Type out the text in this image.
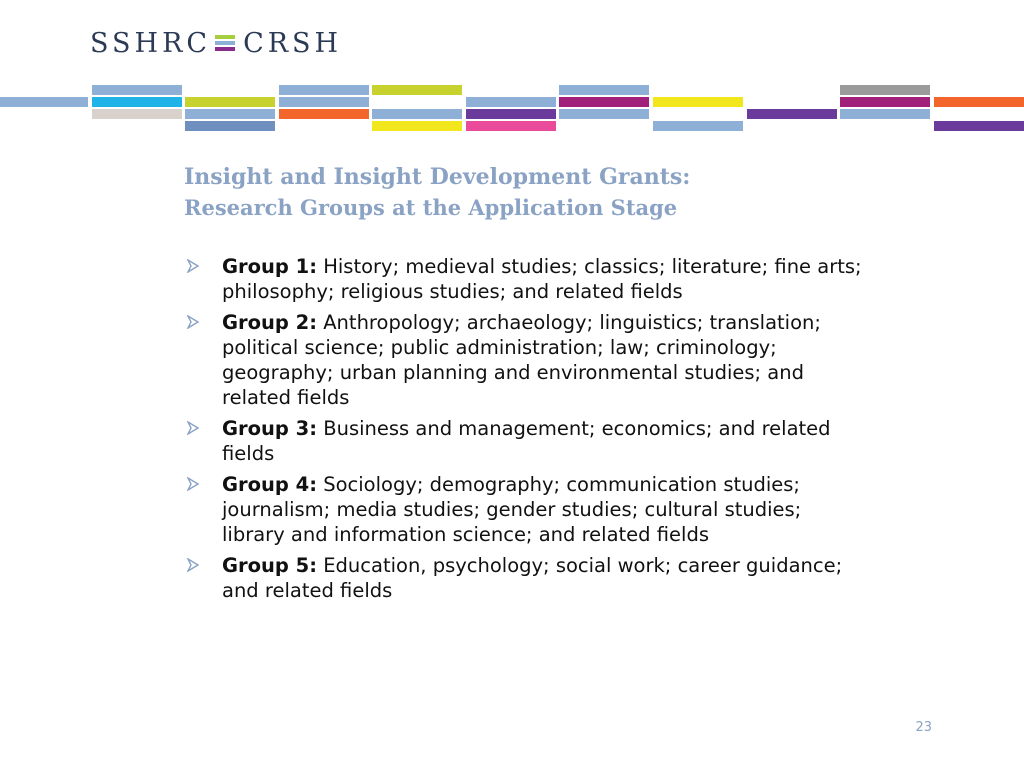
SSHRC CRSH
Insight and Insight Development Grants:
Research Groups at the Application Stage
Group 1: History; medieval studies; classics; literature; fine arts; philosophy; religious studies; and related fields
Group 2: Anthropology; archaeology; linguistics; translation; political science; public administration; law; criminology; geography; urban planning and environmental studies; and related fields
Group 3: Business and management; economics; and related fields
Group 4: Sociology; demography; communication studies; journalism; media studies; gender studies; cultural studies; library and information science; and related fields
Group 5: Education, psychology; social work; career guidance; and related fields
23
